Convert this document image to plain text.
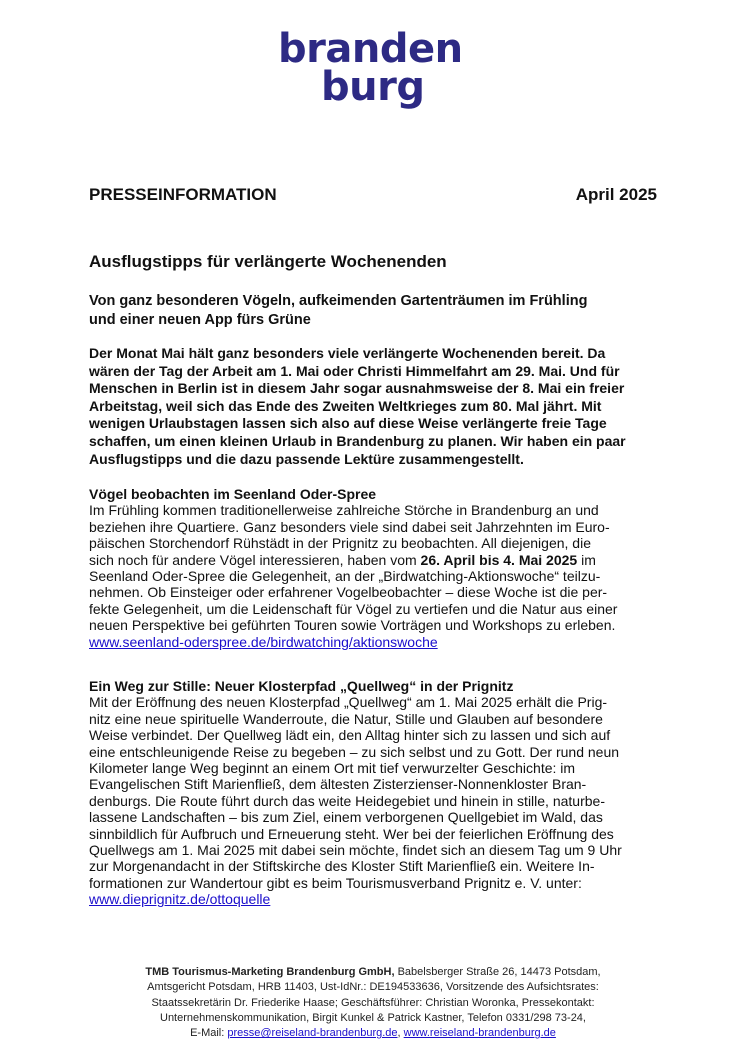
branden
burg
PRESSEINFORMATION	April 2025
Ausflugstipps für verlängerte Wochenenden
Von ganz besonderen Vögeln, aufkeimenden Gartenträumen im Frühling
und einer neuen App fürs Grüne
Der Monat Mai hält ganz besonders viele verlängerte Wochenenden bereit. Da
wären der Tag der Arbeit am 1. Mai oder Christi Himmelfahrt am 29. Mai. Und für
Menschen in Berlin ist in diesem Jahr sogar ausnahmsweise der 8. Mai ein freier
Arbeitstag, weil sich das Ende des Zweiten Weltkrieges zum 80. Mal jährt. Mit
wenigen Urlaubstagen lassen sich also auf diese Weise verlängerte freie Tage
schaffen, um einen kleinen Urlaub in Brandenburg zu planen. Wir haben ein paar
Ausflugstipps und die dazu passende Lektüre zusammengestellt.
Vögel beobachten im Seenland Oder-Spree
Im Frühling kommen traditionellerweise zahlreiche Störche in Brandenburg an und
beziehen ihre Quartiere. Ganz besonders viele sind dabei seit Jahrzehnten im Euro-
päischen Storchendorf Rühstädt in der Prignitz zu beobachten. All diejenigen, die
sich noch für andere Vögel interessieren, haben vom 26. April bis 4. Mai 2025 im
Seenland Oder-Spree die Gelegenheit, an der „Birdwatching-Aktionswoche“ teilzu-
nehmen. Ob Einsteiger oder erfahrener Vogelbeobachter – diese Woche ist die per-
fekte Gelegenheit, um die Leidenschaft für Vögel zu vertiefen und die Natur aus einer
neuen Perspektive bei geführten Touren sowie Vorträgen und Workshops zu erleben.
www.seenland-oderspree.de/birdwatching/aktionswoche
Ein Weg zur Stille: Neuer Klosterpfad „Quellweg“ in der Prignitz
Mit der Eröffnung des neuen Klosterpfad „Quellweg“ am 1. Mai 2025 erhält die Prig-
nitz eine neue spirituelle Wanderroute, die Natur, Stille und Glauben auf besondere
Weise verbindet. Der Quellweg lädt ein, den Alltag hinter sich zu lassen und sich auf
eine entschleunigende Reise zu begeben – zu sich selbst und zu Gott. Der rund neun
Kilometer lange Weg beginnt an einem Ort mit tief verwurzelter Geschichte: im
Evangelischen Stift Marienfließ, dem ältesten Zisterzienser-Nonnenkloster Bran-
denburgs. Die Route führt durch das weite Heidegebiet und hinein in stille, naturbe-
lassene Landschaften – bis zum Ziel, einem verborgenen Quellgebiet im Wald, das
sinnbildlich für Aufbruch und Erneuerung steht. Wer bei der feierlichen Eröffnung des
Quellwegs am 1. Mai 2025 mit dabei sein möchte, findet sich an diesem Tag um 9 Uhr
zur Morgenandacht in der Stiftskirche des Kloster Stift Marienfließ ein. Weitere In-
formationen zur Wandertour gibt es beim Tourismusverband Prignitz e. V. unter:
www.dieprignitz.de/ottoquelle
TMB Tourismus-Marketing Brandenburg GmbH, Babelsberger Straße 26, 14473 Potsdam,
Amtsgericht Potsdam, HRB 11403, Ust-IdNr.: DE194533636, Vorsitzende des Aufsichtsrates:
Staatssekretärin Dr. Friederike Haase; Geschäftsführer: Christian Woronka, Pressekontakt:
Unternehmenskommunikation, Birgit Kunkel & Patrick Kastner, Telefon 0331/298 73-24,
E-Mail: presse@reiseland-brandenburg.de, www.reiseland-brandenburg.de
